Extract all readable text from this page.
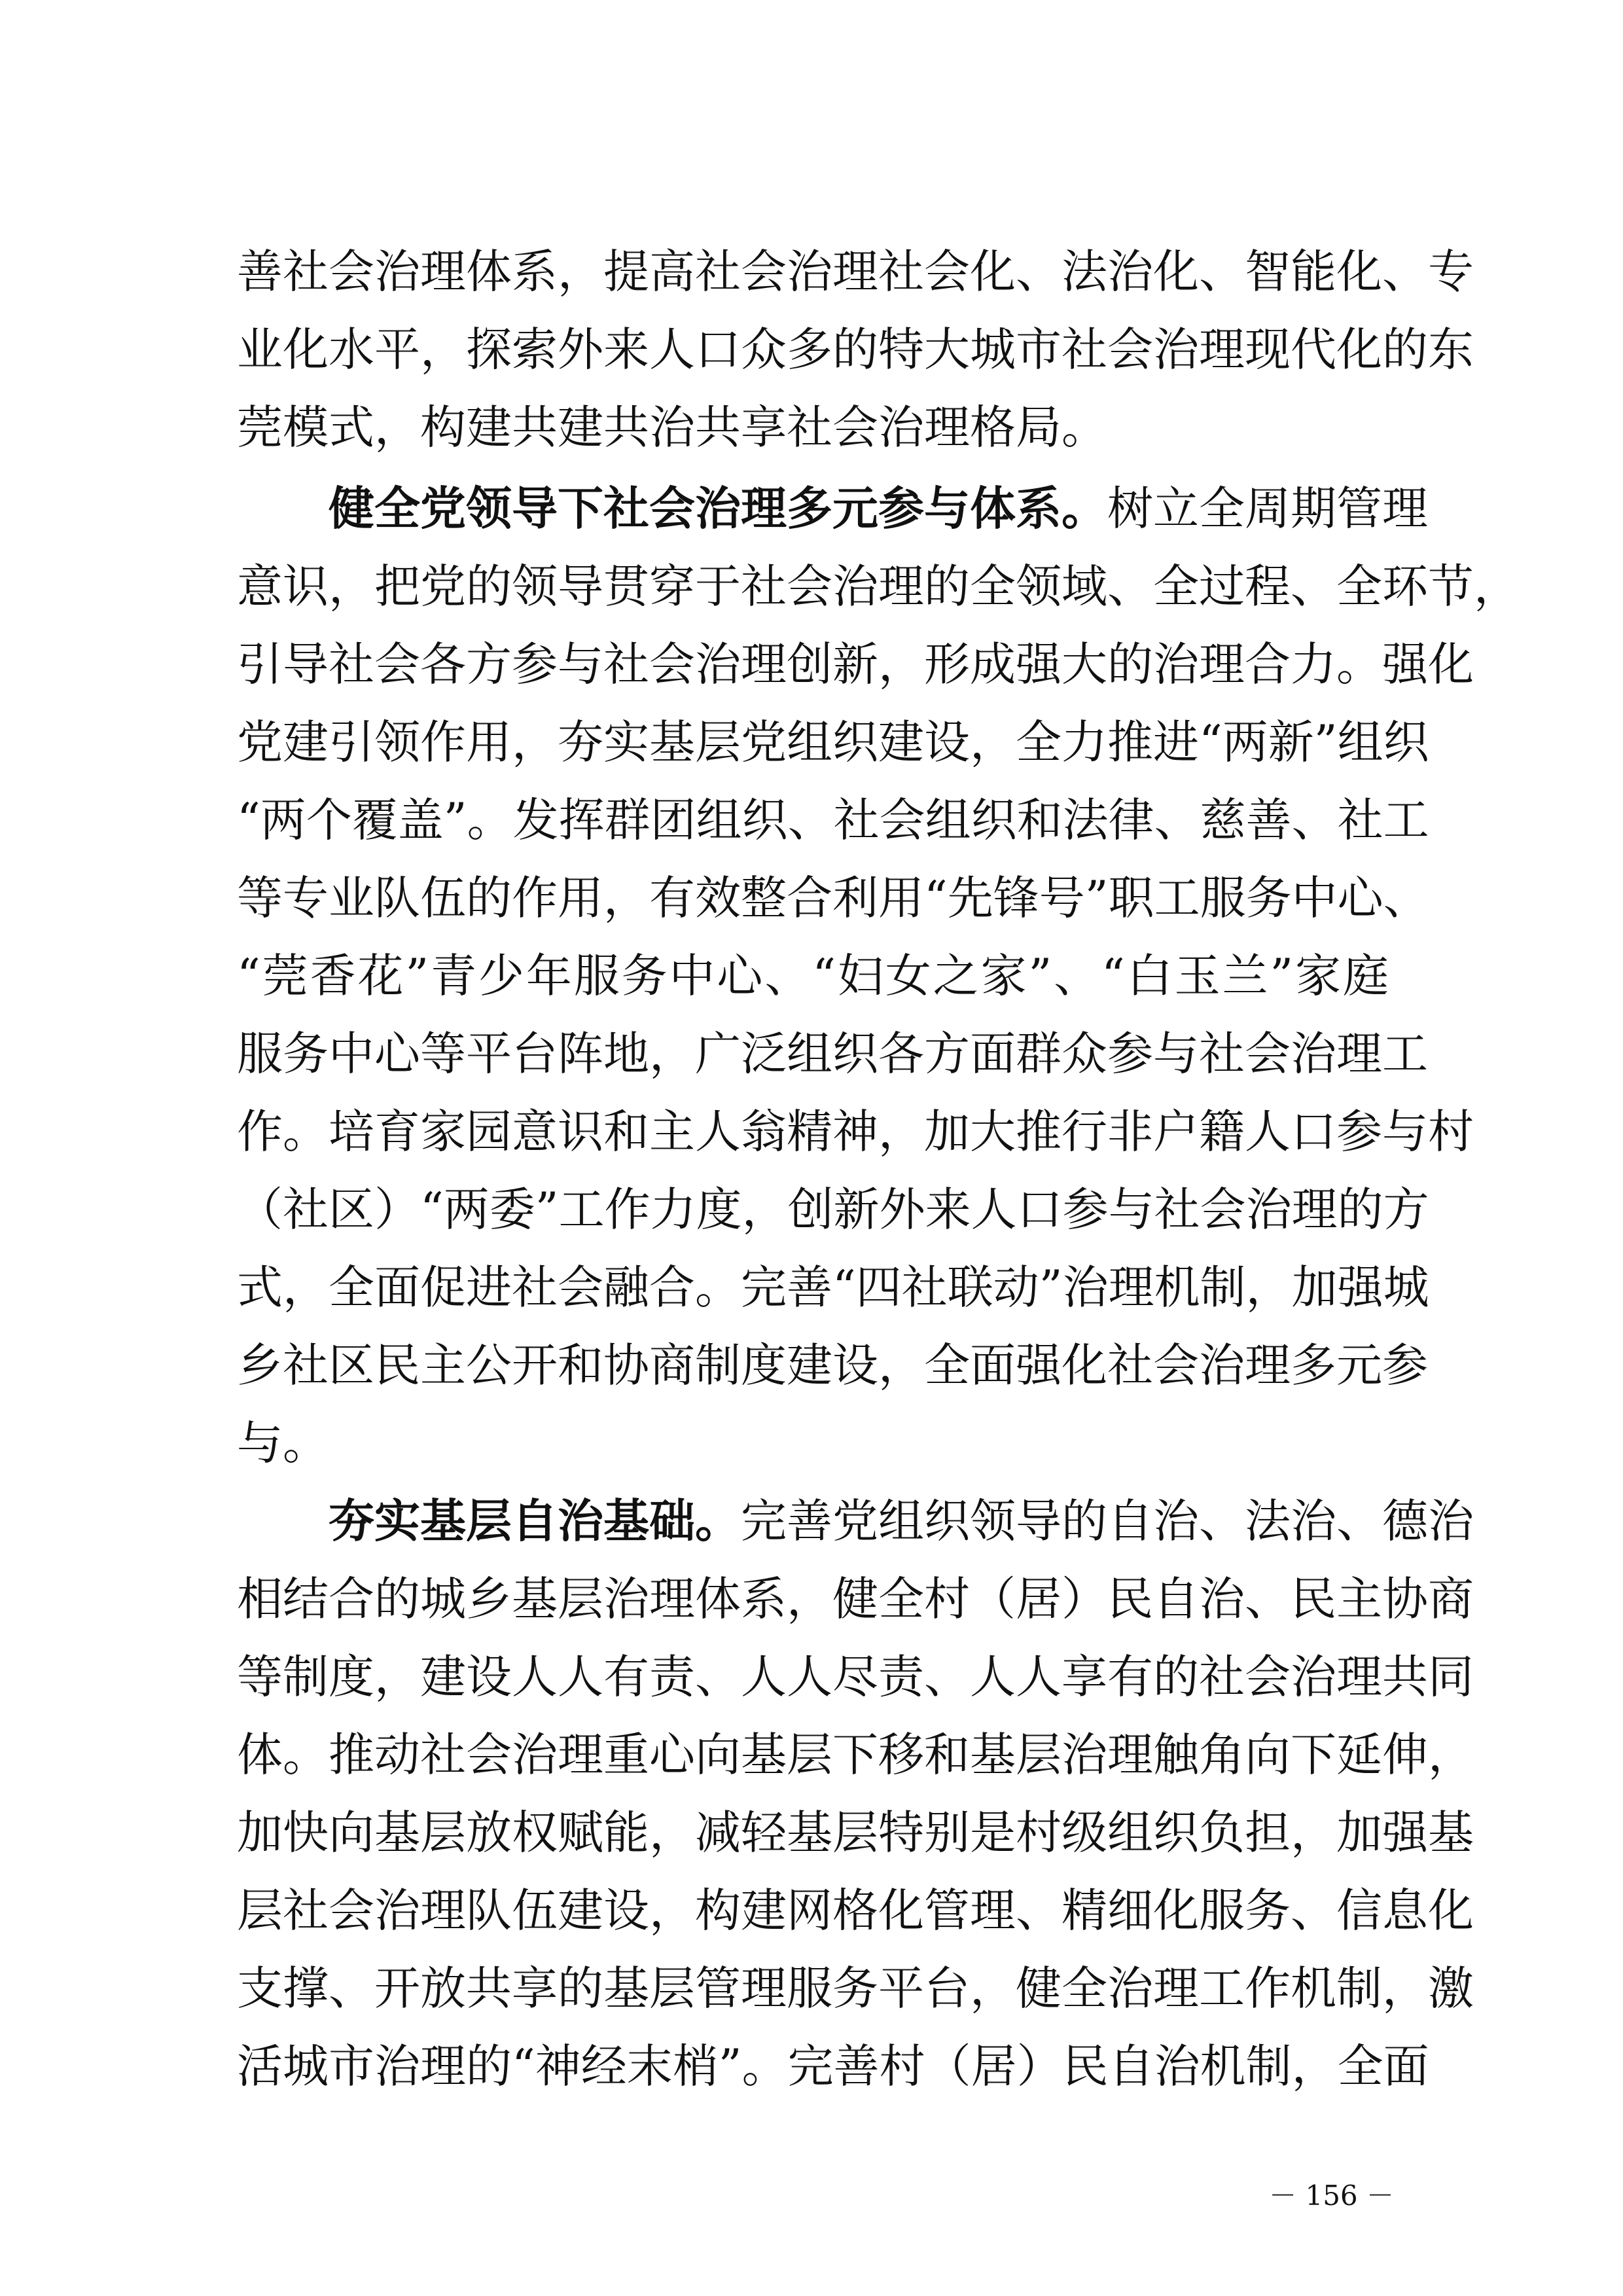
善社会治理体系，提高社会治理社会化、法治化、智能化、专
业化水平，探索外来人口众多的特大城市社会治理现代化的东
莞模式，构建共建共治共享社会治理格局。
　　健全党领导下社会治理多元参与体系。树立全周期管理
意识，把党的领导贯穿于社会治理的全领域、全过程、全环节，
引导社会各方参与社会治理创新，形成强大的治理合力。强化
党建引领作用，夯实基层党组织建设，全力推进“两新”组织
“两个覆盖”。发挥群团组织、社会组织和法律、慈善、社工
等专业队伍的作用，有效整合利用“先锋号”职工服务中心、
“莞香花”青少年服务中心、“妇女之家”、“白玉兰”家庭
服务中心等平台阵地，广泛组织各方面群众参与社会治理工
作。培育家园意识和主人翁精神，加大推行非户籍人口参与村
（社区）“两委”工作力度，创新外来人口参与社会治理的方
式，全面促进社会融合。完善“四社联动”治理机制，加强城
乡社区民主公开和协商制度建设，全面强化社会治理多元参
与。
　　夯实基层自治基础。完善党组织领导的自治、法治、德治
相结合的城乡基层治理体系，健全村（居）民自治、民主协商
等制度，建设人人有责、人人尽责、人人享有的社会治理共同
体。推动社会治理重心向基层下移和基层治理触角向下延伸，
加快向基层放权赋能，减轻基层特别是村级组织负担，加强基
层社会治理队伍建设，构建网格化管理、精细化服务、信息化
支撑、开放共享的基层管理服务平台，健全治理工作机制，激
活城市治理的“神经末梢”。完善村（居）民自治机制，全面
－ 156 －
